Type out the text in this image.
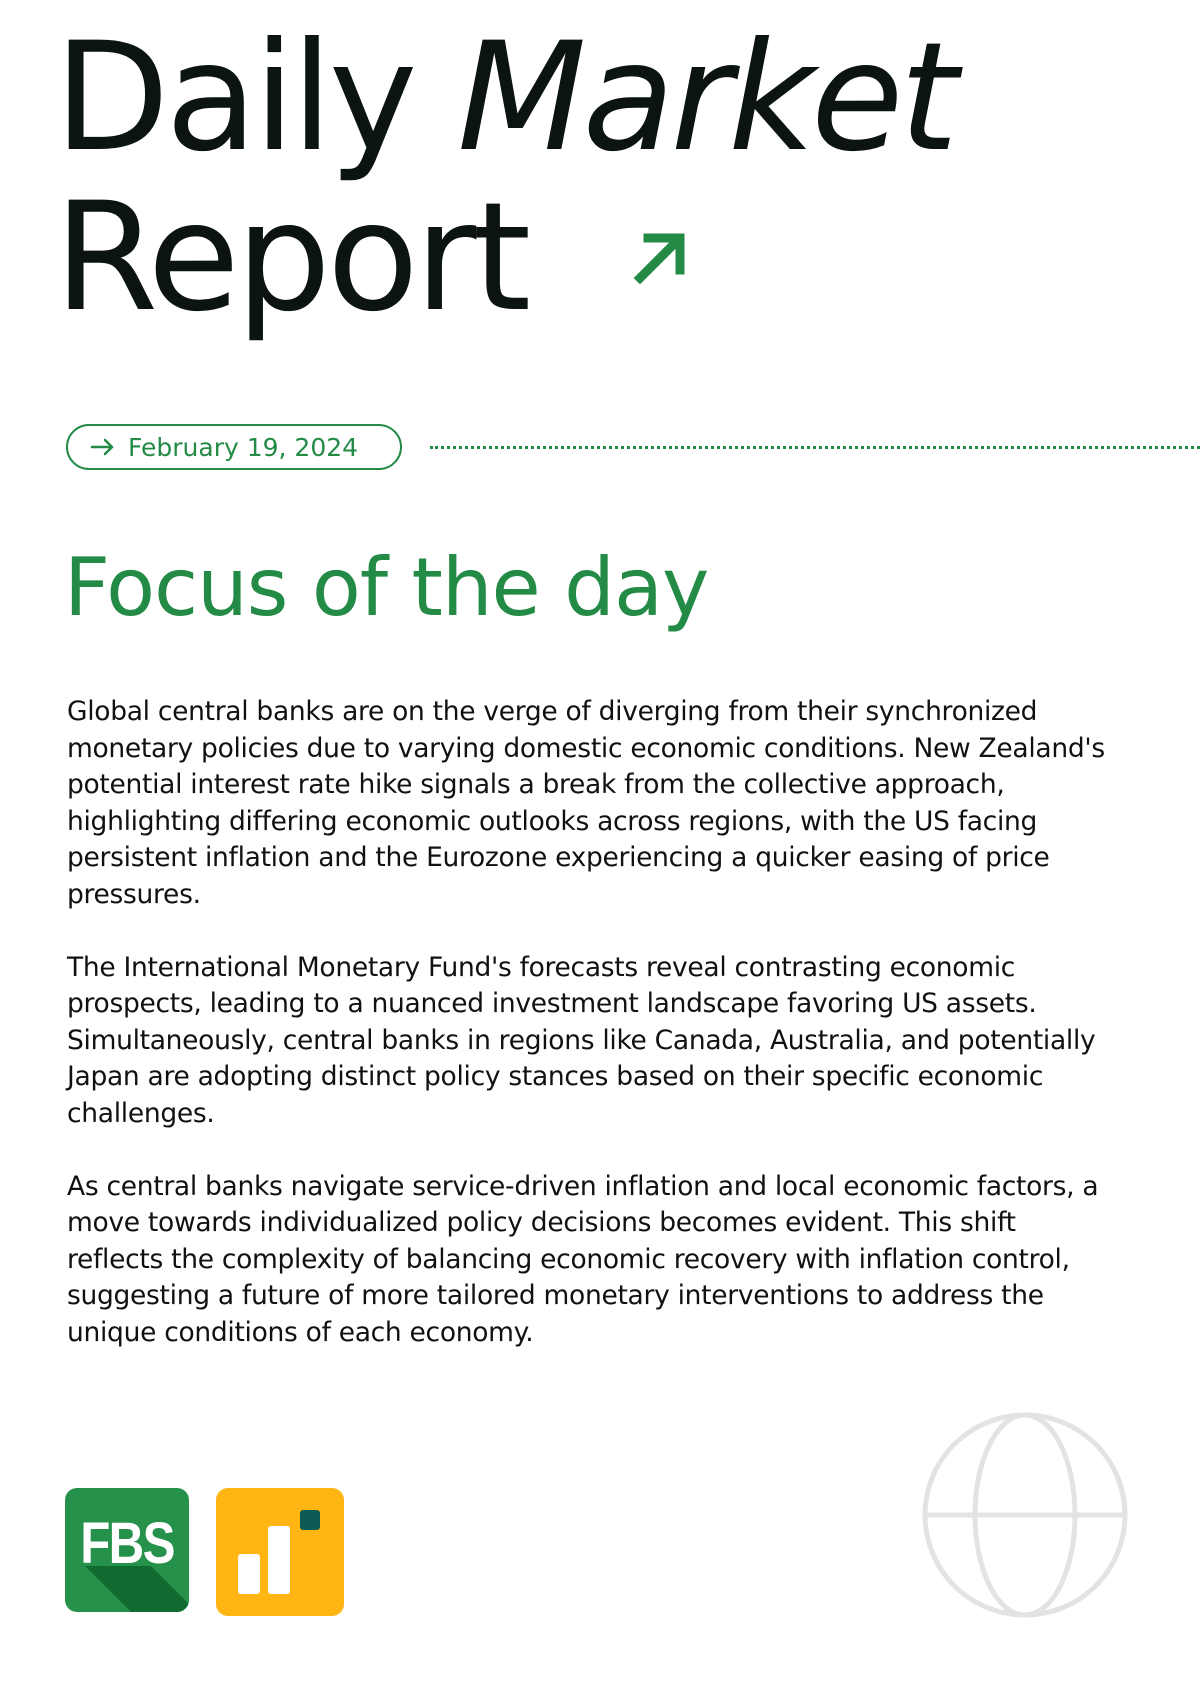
Daily Market
Report
February 19, 2024
Focus of the day

Global central banks are on the verge of diverging from their synchronized monetary policies due to varying domestic economic conditions. New Zealand's potential interest rate hike signals a break from the collective approach, highlighting differing economic outlooks across regions, with the US facing persistent inflation and the Eurozone experiencing a quicker easing of price pressures.

The International Monetary Fund's forecasts reveal contrasting economic prospects, leading to a nuanced investment landscape favoring US assets. Simultaneously, central banks in regions like Canada, Australia, and potentially Japan are adopting distinct policy stances based on their specific economic challenges.

As central banks navigate service-driven inflation and local economic factors, a move towards individualized policy decisions becomes evident. This shift reflects the complexity of balancing economic recovery with inflation control, suggesting a future of more tailored monetary interventions to address the unique conditions of each economy.

FBS
